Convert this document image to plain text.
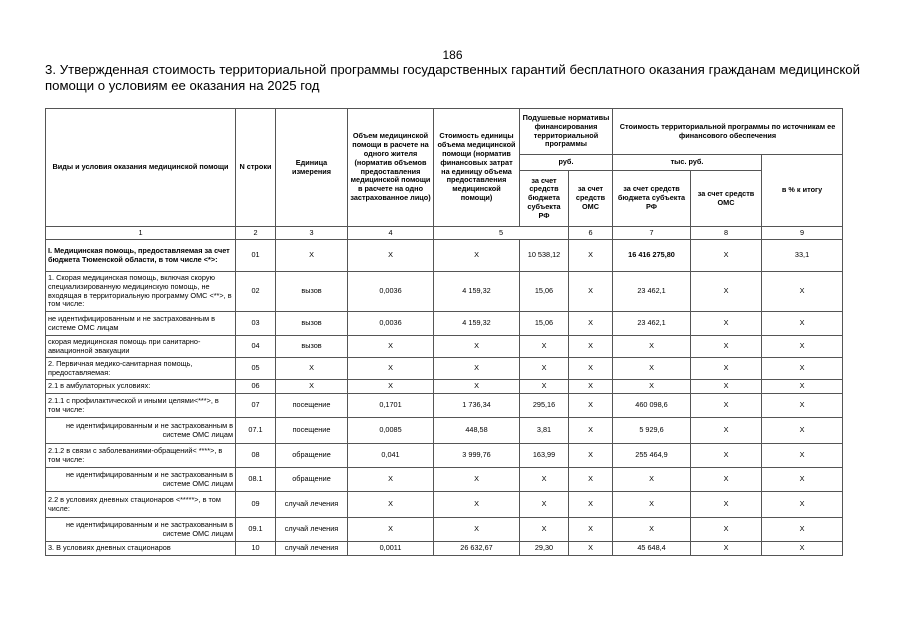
186
3. Утвержденная стоимость территориальной программы государственных гарантий бесплатного оказания гражданам медицинской помощи о условиям ее оказания на 2025 год
Виды и условия оказания медицинской помощи	N строки	Единица измерения	Объем медицинской помощи в расчете на одного жителя (норматив объемов предоставления медицинской помощи в расчете на одно застрахованное лицо)	Стоимость единицы объема медицинской помощи (норматив финансовых затрат на единицу объема предоставления медицинской помощи)	Подушевые нормативы финансирования территориальной программы		Стоимость территориальной программы по источникам ее финансового обеспечения		
					руб.		тыс. руб.		в % к итогу
					за счет средств бюджета субъекта РФ	за счет средств ОМС	за счет средств бюджета субъекта РФ	за счет средств ОМС	
1	2	3	4	5		6	7	8	9
I. Медицинская помощь, предоставляемая за счет бюджета Тюменской области, в том числе <*>:	01	X	X	X	10 538,12	X	16 416 275,80	X	33,1
1. Скорая медицинская помощь, включая скорую специализированную медицинскую помощь, не входящая в территориальную программу ОМС <**>, в том числе:	02	вызов	0,0036	4 159,32	15,06	X	23 462,1	X	X
не идентифицированным и не застрахованным в системе ОМС лицам	03	вызов	0,0036	4 159,32	15,06	X	23 462,1	X	X
скорая медицинская помощь при санитарно-авиационной эвакуации	04	вызов	X	X	X	X	X	X	X
2. Первичная медико-санитарная помощь, предоставляемая:	05	X	X	X	X	X	X	X	X
2.1 в амбулаторных условиях:	06	X	X	X	X	X	X	X	X
2.1.1 с профилактической и иными целями<***>, в том числе:	07	посещение	0,1701	1 736,34	295,16	X	460 098,6	X	X
не идентифицированным и не застрахованным в системе ОМС лицам	07.1	посещение	0,0085	448,58	3,81	X	5 929,6	X	X
2.1.2 в связи с заболеваниями-обращений< ****>, в том числе:	08	обращение	0,041	3 999,76	163,99	X	255 464,9	X	X
не идентифицированным и не застрахованным в системе ОМС лицам	08.1	обращение	X	X	X	X	X	X	X
2.2 в условиях дневных стационаров <*****>, в том числе:	09	случай лечения	X	X	X	X	X	X	X
не идентифицированным и не застрахованным в системе ОМС лицам	09.1	случай лечения	X	X	X	X	X	X	X
3. В условиях дневных стационаров	10	случай лечения	0,0011	26 632,67	29,30	X	45 648,4	X	X
